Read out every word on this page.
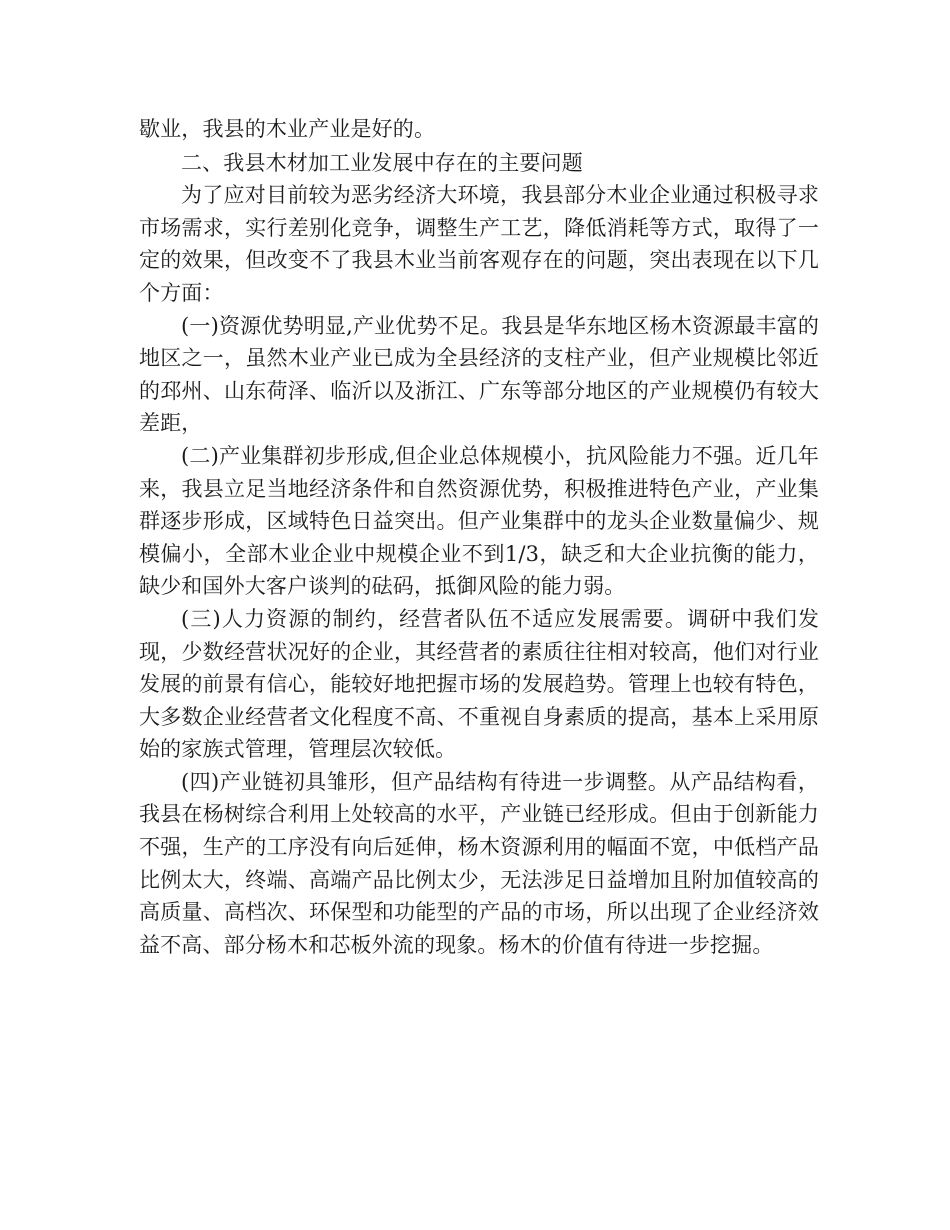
歇业，我县的木业产业是好的。

二、我县木材加工业发展中存在的主要问题

为了应对目前较为恶劣经济大环境，我县部分木业企业通过积极寻求市场需求，实行差别化竞争，调整生产工艺，降低消耗等方式，取得了一定的效果，但改变不了我县木业当前客观存在的问题，突出表现在以下几个方面：

(一)资源优势明显,产业优势不足。我县是华东地区杨木资源最丰富的地区之一，虽然木业产业已成为全县经济的支柱产业，但产业规模比邻近的邳州、山东荷泽、临沂以及浙江、广东等部分地区的产业规模仍有较大差距，

(二)产业集群初步形成,但企业总体规模小，抗风险能力不强。近几年来，我县立足当地经济条件和自然资源优势，积极推进特色产业，产业集群逐步形成，区域特色日益突出。但产业集群中的龙头企业数量偏少、规模偏小，全部木业企业中规模企业不到1/3，缺乏和大企业抗衡的能力，缺少和国外大客户谈判的砝码，抵御风险的能力弱。

(三)人力资源的制约，经营者队伍不适应发展需要。调研中我们发现，少数经营状况好的企业，其经营者的素质往往相对较高，他们对行业发展的前景有信心，能较好地把握市场的发展趋势。管理上也较有特色，大多数企业经营者文化程度不高、不重视自身素质的提高，基本上采用原始的家族式管理，管理层次较低。

(四)产业链初具雏形，但产品结构有待进一步调整。从产品结构看，我县在杨树综合利用上处较高的水平，产业链已经形成。但由于创新能力不强，生产的工序没有向后延伸，杨木资源利用的幅面不宽，中低档产品比例太大，终端、高端产品比例太少，无法涉足日益增加且附加值较高的高质量、高档次、环保型和功能型的产品的市场，所以出现了企业经济效益不高、部分杨木和芯板外流的现象。杨木的价值有待进一步挖掘。
